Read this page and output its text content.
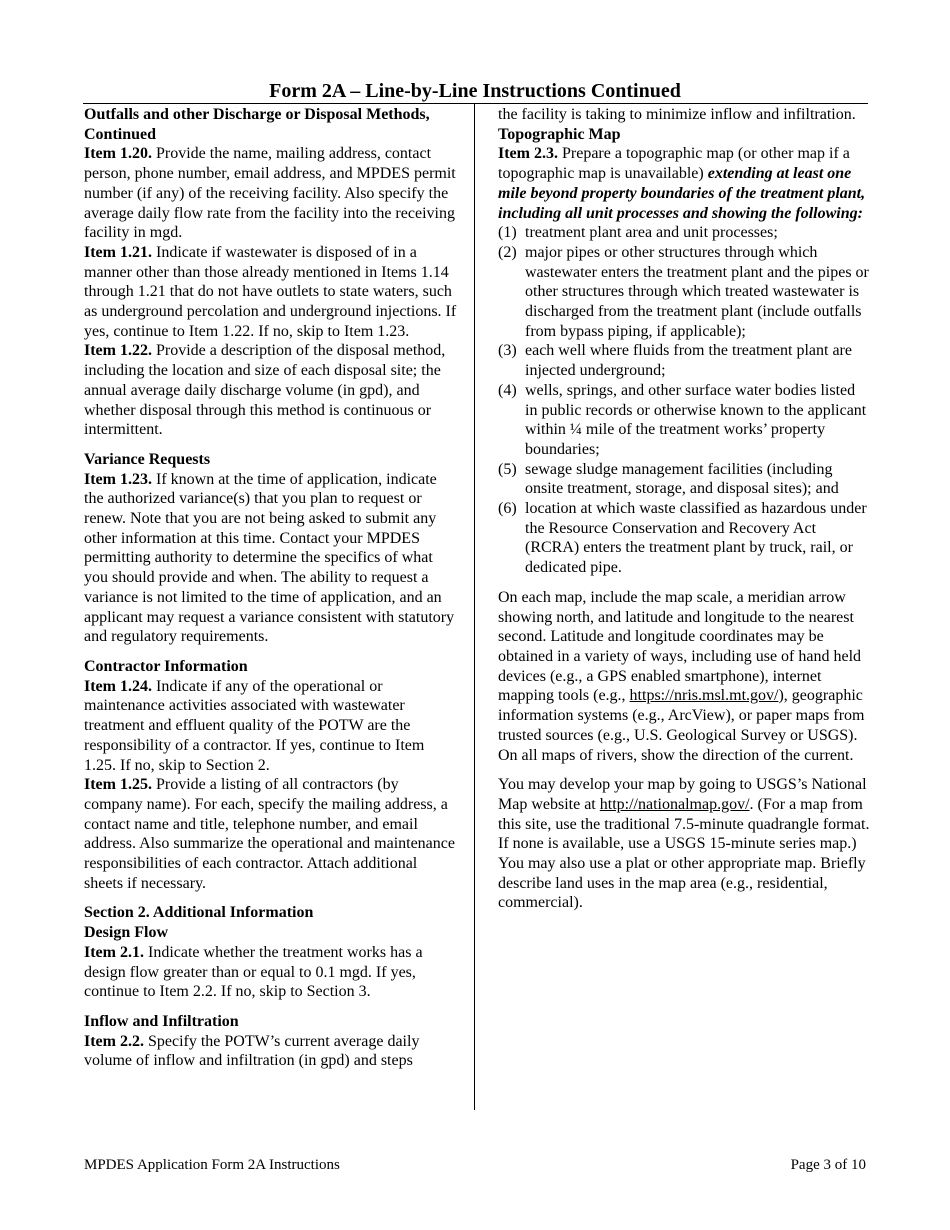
Form 2A – Line-by-Line Instructions Continued

Outfalls and other Discharge or Disposal Methods, Continued

Item 1.20. Provide the name, mailing address, contact person, phone number, email address, and MPDES permit number (if any) of the receiving facility. Also specify the average daily flow rate from the facility into the receiving facility in mgd.

Item 1.21. Indicate if wastewater is disposed of in a manner other than those already mentioned in Items 1.14 through 1.21 that do not have outlets to state waters, such as underground percolation and underground injections. If yes, continue to Item 1.22. If no, skip to Item 1.23.

Item 1.22. Provide a description of the disposal method, including the location and size of each disposal site; the annual average daily discharge volume (in gpd), and whether disposal through this method is continuous or intermittent.

Variance Requests

Item 1.23. If known at the time of application, indicate the authorized variance(s) that you plan to request or renew. Note that you are not being asked to submit any other information at this time. Contact your MPDES permitting authority to determine the specifics of what you should provide and when. The ability to request a variance is not limited to the time of application, and an applicant may request a variance consistent with statutory and regulatory requirements.

Contractor Information

Item 1.24. Indicate if any of the operational or maintenance activities associated with wastewater treatment and effluent quality of the POTW are the responsibility of a contractor. If yes, continue to Item 1.25. If no, skip to Section 2.

Item 1.25. Provide a listing of all contractors (by company name). For each, specify the mailing address, a contact name and title, telephone number, and email address. Also summarize the operational and maintenance responsibilities of each contractor. Attach additional sheets if necessary.

Section 2. Additional Information

Design Flow

Item 2.1. Indicate whether the treatment works has a design flow greater than or equal to 0.1 mgd. If yes, continue to Item 2.2. If no, skip to Section 3.

Inflow and Infiltration

Item 2.2. Specify the POTW’s current average daily volume of inflow and infiltration (in gpd) and steps

the facility is taking to minimize inflow and infiltration.

Topographic Map

Item 2.3. Prepare a topographic map (or other map if a topographic map is unavailable) extending at least one mile beyond property boundaries of the treatment plant, including all unit processes and showing the following:

(1) treatment plant area and unit processes;
(2) major pipes or other structures through which wastewater enters the treatment plant and the pipes or other structures through which treated wastewater is discharged from the treatment plant (include outfalls from bypass piping, if applicable);
(3) each well where fluids from the treatment plant are injected underground;
(4) wells, springs, and other surface water bodies listed in public records or otherwise known to the applicant within ¼ mile of the treatment works’ property boundaries;
(5) sewage sludge management facilities (including onsite treatment, storage, and disposal sites); and
(6) location at which waste classified as hazardous under the Resource Conservation and Recovery Act (RCRA) enters the treatment plant by truck, rail, or dedicated pipe.

On each map, include the map scale, a meridian arrow showing north, and latitude and longitude to the nearest second. Latitude and longitude coordinates may be obtained in a variety of ways, including use of hand held devices (e.g., a GPS enabled smartphone), internet mapping tools (e.g., https://nris.msl.mt.gov/), geographic information systems (e.g., ArcView), or paper maps from trusted sources (e.g., U.S. Geological Survey or USGS). On all maps of rivers, show the direction of the current.

You may develop your map by going to USGS’s National Map website at http://nationalmap.gov/. (For a map from this site, use the traditional 7.5-minute quadrangle format. If none is available, use a USGS 15-minute series map.) You may also use a plat or other appropriate map. Briefly describe land uses in the map area (e.g., residential, commercial).

MPDES Application Form 2A Instructions	Page 3 of 10
